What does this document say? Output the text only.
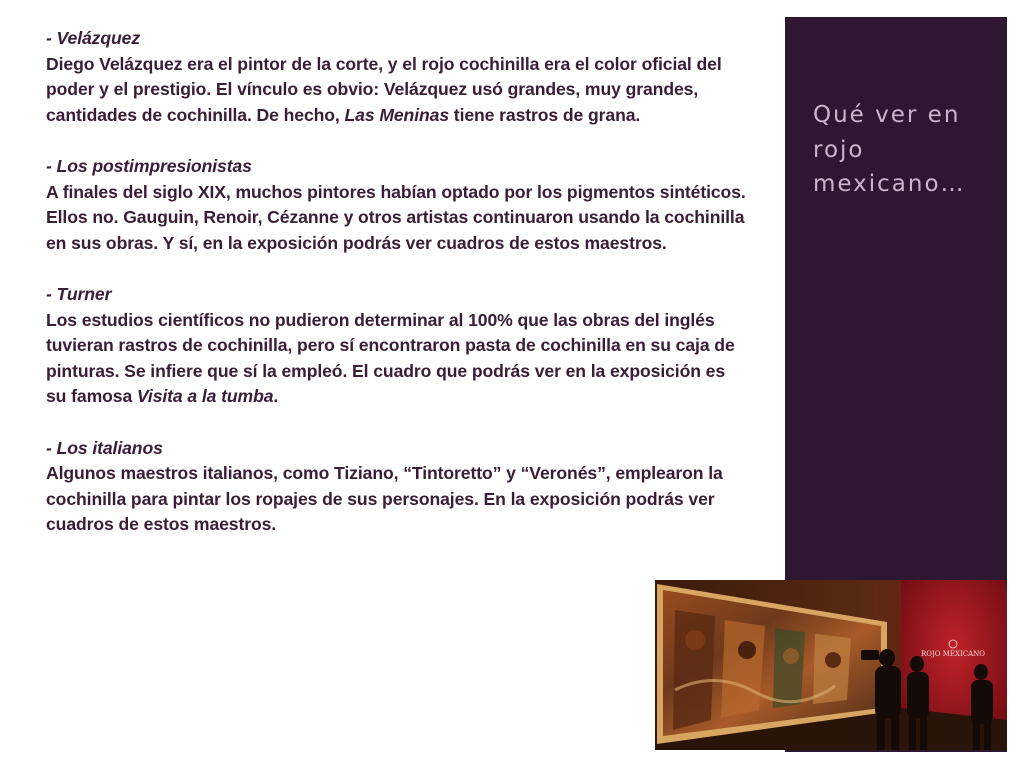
- Velázquez
Diego Velázquez era el pintor de la corte, y el rojo cochinilla era el color oficial del poder y el prestigio. El vínculo es obvio: Velázquez usó grandes, muy grandes, cantidades de cochinilla. De hecho, Las Meninas tiene rastros de grana.
- Los postimpresionistas
A finales del siglo XIX, muchos pintores habían optado por los pigmentos sintéticos. Ellos no. Gauguin, Renoir, Cézanne y otros artistas continuaron usando la cochinilla en sus obras. Y sí, en la exposición podrás ver cuadros de estos maestros.
- Turner
Los estudios científicos no pudieron determinar al 100% que las obras del inglés tuvieran rastros de cochinilla, pero sí encontraron pasta de cochinilla en su caja de pinturas. Se infiere que sí la empleó. El cuadro que podrás ver en la exposición es su famosa Visita a la tumba.
- Los italianos
Algunos maestros italianos, como Tiziano, “Tintoretto” y “Veronés”, emplearon la cochinilla para pintar los ropajes de sus personajes. En la exposición podrás ver cuadros de estos maestros.
Qué ver en rojo mexicano…
ROJO MEXICANO
